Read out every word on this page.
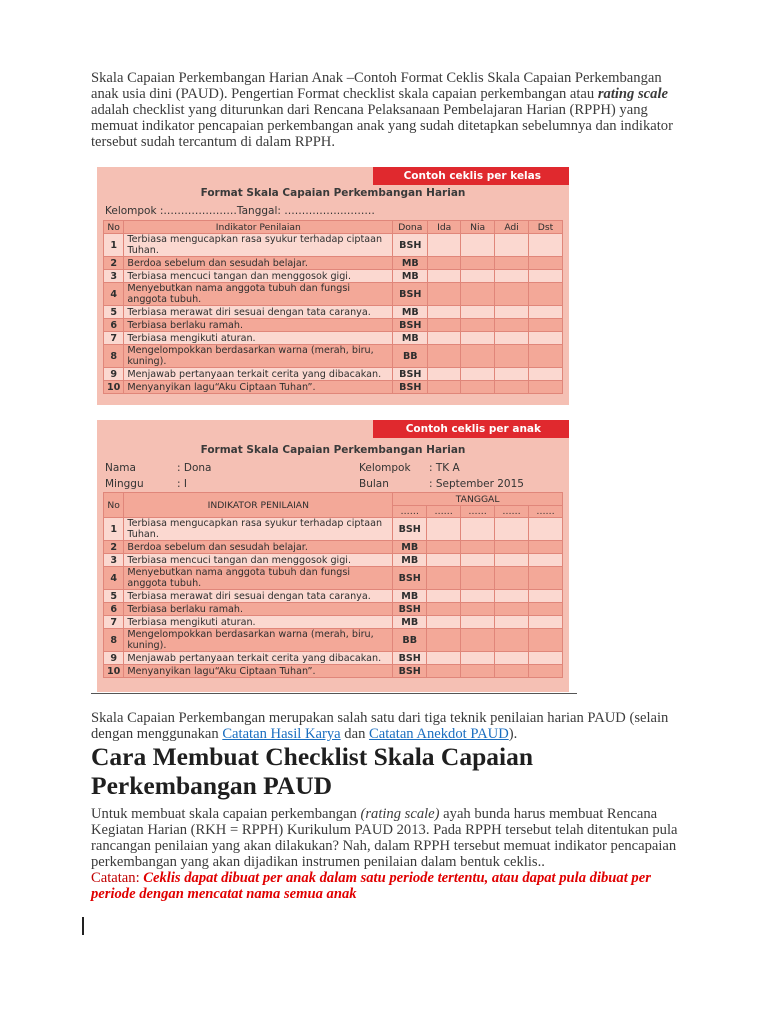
Skala Capaian Perkembangan Harian Anak –Contoh Format Ceklis Skala Capaian Perkembangan anak usia dini (PAUD). Pengertian Format checklist skala capaian perkembangan atau rating scale adalah checklist yang diturunkan dari Rencana Pelaksanaan Pembelajaran Harian (RPPH) yang memuat indikator pencapaian perkembangan anak yang sudah ditetapkan sebelumnya dan indikator tersebut sudah tercantum di dalam RPPH.

Contoh ceklis per kelas
Format Skala Capaian Perkembangan Harian
Kelompok :…………………Tanggal: ……………..………
No	Indikator Penilaian	Dona	Ida	Nia	Adi	Dst
1	Terbiasa mengucapkan rasa syukur terhadap ciptaan Tuhan.	BSH				
2	Berdoa sebelum dan sesudah belajar.	MB				
3	Terbiasa mencuci tangan dan menggosok gigi.	MB				
4	Menyebutkan nama anggota tubuh dan fungsi anggota tubuh.	BSH				
5	Terbiasa merawat diri sesuai dengan tata caranya.	MB				
6	Terbiasa berlaku ramah.	BSH				
7	Terbiasa mengikuti aturan.	MB				
8	Mengelompokkan berdasarkan warna (merah, biru, kuning).	BB				
9	Menjawab pertanyaan terkait cerita yang dibacakan.	BSH				
10	Menyanyikan lagu“Aku Ciptaan Tuhan”.	BSH				
Contoh ceklis per anak
Format Skala Capaian Perkembangan Harian
Nama	: Dona
Minggu	: I
Kelompok : TK A
Bulan	: September 2015
No	INDIKATOR PENILAIAN	TANGGAL				
		……	……	……	……	……
1	Terbiasa mengucapkan rasa syukur terhadap ciptaan Tuhan.	BSH				
2	Berdoa sebelum dan sesudah belajar.	MB				
3	Terbiasa mencuci tangan dan menggosok gigi.	MB				
4	Menyebutkan nama anggota tubuh dan fungsi anggota tubuh.	BSH				
5	Terbiasa merawat diri sesuai dengan tata caranya.	MB				
6	Terbiasa berlaku ramah.	BSH				
7	Terbiasa mengikuti aturan.	MB				
8	Mengelompokkan berdasarkan warna (merah, biru, kuning).	BB				
9	Menjawab pertanyaan terkait cerita yang dibacakan.	BSH				
10	Menyanyikan lagu“Aku Ciptaan Tuhan”.	BSH				

Skala Capaian Perkembangan merupakan salah satu dari tiga teknik penilaian harian PAUD (selain dengan menggunakan Catatan Hasil Karya dan Catatan Anekdot PAUD).

Cara Membuat Checklist Skala Capaian Perkembangan PAUD

Untuk membuat skala capaian perkembangan (rating scale) ayah bunda harus membuat Rencana Kegiatan Harian (RKH = RPPH) Kurikulum PAUD 2013. Pada RPPH tersebut telah ditentukan pula rancangan penilaian yang akan dilakukan? Nah, dalam RPPH tersebut memuat indikator pencapaian perkembangan yang akan dijadikan instrumen penilaian dalam bentuk ceklis..

Catatan: Ceklis dapat dibuat per anak dalam satu periode tertentu, atau dapat pula dibuat per periode dengan mencatat nama semua anak
